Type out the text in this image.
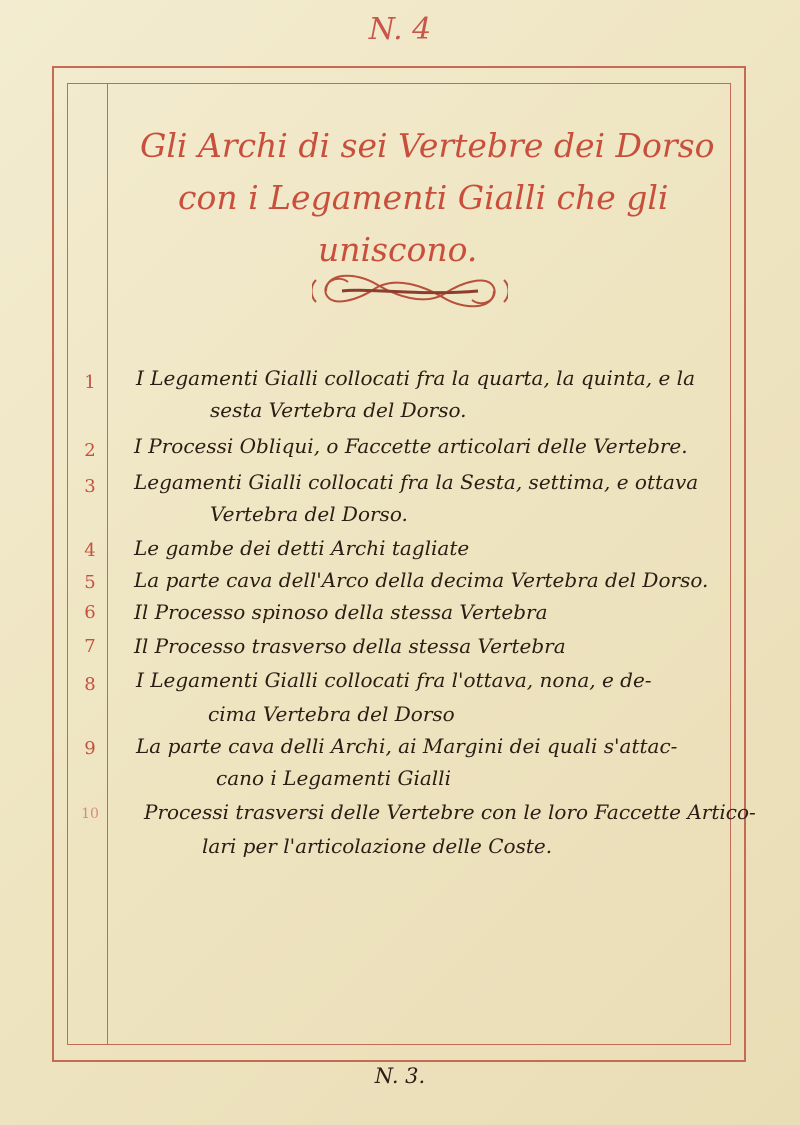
N. 4
Gli Archi di sei Vertebre dei Dorso
con i Legamenti Gialli che gli
uniscono.
1	I Legamenti Gialli collocati fra la quarta, la quinta, e la
sesta Vertebra del Dorso.
2	I Processi Obliqui, o Faccette articolari delle Vertebre.
3	Legamenti Gialli collocati fra la Sesta, settima, e ottava
Vertebra del Dorso.
4	Le gambe dei detti Archi tagliate
5	La parte cava dell'Arco della decima Vertebra del Dorso.
6	Il Processo spinoso della stessa Vertebra
7	Il Processo trasverso della stessa Vertebra
8	I Legamenti Gialli collocati fra l'ottava, nona, e de-
cima Vertebra del Dorso
9	La parte cava delli Archi, ai Margini dei quali s'attac-
cano i Legamenti Gialli
10 Processi trasversi delle Vertebre con le loro Faccette Artico-
lari per l'articolazione delle Coste.
N. 3.
